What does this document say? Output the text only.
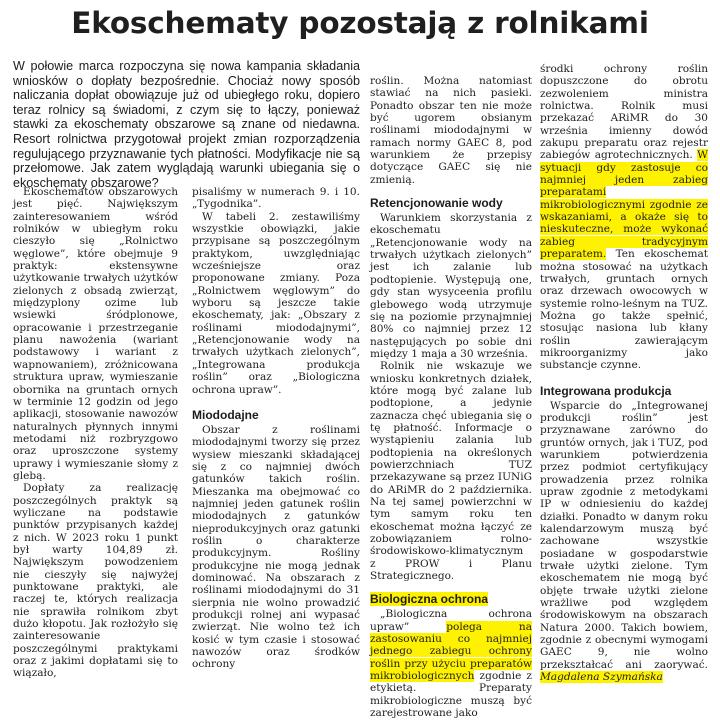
Ekoschematy pozostają z rolnikami

W połowie marca rozpoczyna się nowa kampania składania wniosków o dopłaty bezpośrednie. Chociaż nowy sposób naliczania dopłat obowiązuje już od ubiegłego roku, dopiero teraz rolnicy są świadomi, z czym się to łączy, ponieważ stawki za ekoschematy obszarowe są znane od niedawna. Resort rolnictwa przygotował projekt zmian rozporządzenia regulującego przyznawanie tych płatności. Modyfikacje nie są przełomowe. Jak zatem wyglądają warunki ubiegania się o ekoschematy obszarowe?

Ekoschematów obszarowych jest pięć. Największym zainteresowaniem wśród rolników w ubiegłym roku cieszyło się „Rolnictwo węglowe”, które obejmuje 9 praktyk: ekstensywne użytkowanie trwałych użytków zielonych z obsadą zwierząt, międzyplony ozime lub wsiewki śródplonowe, opracowanie i przestrzeganie planu nawożenia (wariant podstawowy i wariant z wapnowaniem), zróżnicowana struktura upraw, wymieszanie obornika na gruntach ornych w terminie 12 godzin od jego aplikacji, stosowanie nawozów naturalnych płynnych innymi metodami niż rozbryzgowo oraz uproszczone systemy uprawy i wymieszanie słomy z glebą.

Dopłaty za realizację poszczególnych praktyk są wyliczane na podstawie punktów przypisanych każdej z nich. W 2023 roku 1 punkt był warty 104,89 zł. Największym powodzeniem nie cieszyły się najwyżej punktowane praktyki, ale raczej te, których realizacja nie sprawiła rolnikom zbyt dużo kłopotu. Jak rozłożyło się zainteresowanie poszczególnymi praktykami oraz z jakimi dopłatami się to wiązało,

pisaliśmy w numerach 9. i 10. „Tygodnika”.

W tabeli 2. zestawiliśmy wszystkie obowiązki, jakie przypisane są poszczególnym praktykom, uwzględniając wcześniejsze oraz proponowane zmiany. Poza „Rolnictwem węglowym” do wyboru są jeszcze takie ekoschematy, jak: „Obszary z roślinami miododajnymi”, „Retencjonowanie wody na trwałych użytkach zielonych”, „Integrowana produkcja roślin” oraz „Biologiczna ochrona upraw”.

Miododajne

Obszar z roślinami miododajnymi tworzy się przez wysiew mieszanki składającej się z co najmniej dwóch gatunków takich roślin. Mieszanka ma obejmować co najmniej jeden gatunek roślin miododajnych z gatunków nieprodukcyjnych oraz gatunki roślin o charakterze produkcyjnym. Rośliny produkcyjne nie mogą jednak dominować. Na obszarach z roślinami miododajnymi do 31 sierpnia nie wolno prowadzić produkcji rolnej ani wypasać zwierząt. Nie wolno też ich kosić w tym czasie i stosować nawozów oraz środków ochrony

roślin. Można natomiast stawiać na nich pasieki. Ponadto obszar ten nie może być ugorem obsianym roślinami miododajnymi w ramach normy GAEC 8, pod warunkiem że przepisy dotyczące GAEC się nie zmienią.

Retencjonowanie wody

Warunkiem skorzystania z ekoschematu „Retencjonowanie wody na trwałych użytkach zielonych” jest ich zalanie lub podtopienie. Występują one, gdy stan wysyceenia profilu glebowego wodą utrzymuje się na poziomie przynajmniej 80% co najmniej przez 12 następujących po sobie dni między 1 maja a 30 września.

Rolnik nie wskazuje we wniosku konkretnych działek, które mogą być zalane lub podtopione, a jedynie zaznacza chęć ubiegania się o tę płatność. Informacje o wystąpieniu zalania lub podtopienia na określonych powierzchniach TUZ przekazywane są przez IUNiG do ARiMR do 2 października. Na tej samej powierzchni w tym samym roku ten ekoschemat można łączyć ze zobowiązaniem rolno-środowiskowo-klimatycznym z PROW i Planu Strategicznego.

Biologiczna ochrona

„Biologiczna ochrona upraw”	polega na zastosowaniu co najmniej jednego zabiegu ochrony roślin przy użyciu preparatów mikrobiologicznych zgodnie z etykietą. Preparaty mikrobiologiczne muszą być zarejestrowane jako

środki ochrony roślin dopuszczone do obrotu zezwoleniem ministra rolnictwa. Rolnik musi przekazać ARiMR do 30 września imienny dowód zakupu preparatu oraz rejestr zabiegów agrotechnicznych. W sytuacji gdy zastosuje co najmniej jeden zabieg preparatami mikrobiologicznymi zgodnie ze wskazaniami, a okaże się to nieskuteczne, może wykonać zabieg tradycyjnym preparatem. Ten ekoschemat można stosować na użytkach trwałych, gruntach ornych oraz drzewach owocowych w systemie rolno-leśnym na TUZ. Można go także spełnić, stosując nasiona lub kłany roślin zawierającym mikroorganizmy jako substancje czynne.

Integrowana produkcja

Wsparcie do „Integrowanej produkcji roślin” jest przyznawane zarówno do gruntów ornych, jak i TUZ, pod warunkiem potwierdzenia przez podmiot certyfikujący prowadzenia przez rolnika upraw zgodnie z metodykami IP w odniesieniu do każdej działki. Ponadto w danym roku kalendarzowym muszą być zachowane wszystkie posiadane w gospodarstwie trwałe użytki zielone. Tym ekoschematem nie mogą być objęte trwałe użytki zielone wrażliwe pod względem środowiskowym na obszarach Natura 2000. Takich bowiem, zgodnie z obecnymi wymogami GAEC 9, nie wolno przekształcać ani zaorywać. Magdalena Szymańska
